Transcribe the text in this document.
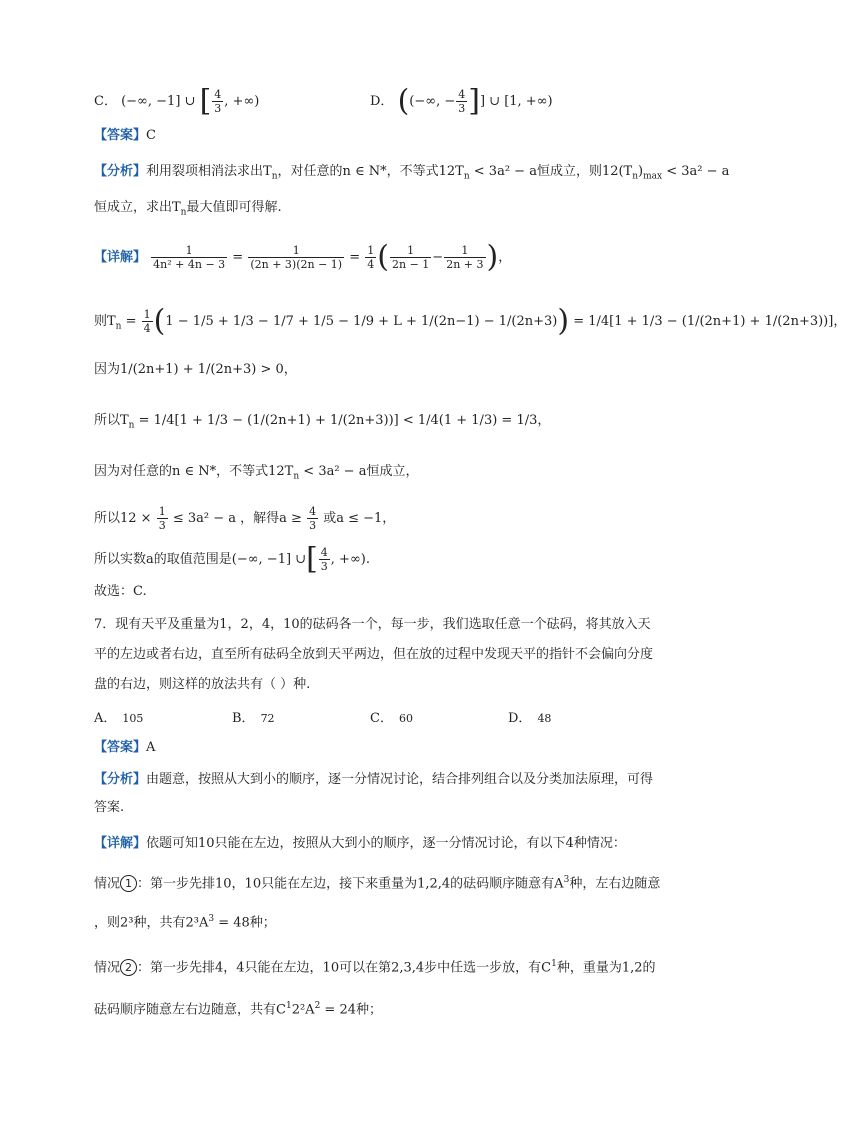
C． (−∞, −1] ∪ [ $\frac{4}{3}$ , +∞)	D． ((−∞, − $\frac{4}{3}$ ]] ∪ [1, +∞)
【答案】C
【分析】利用裂项相消法求出$T_n$，对任意的n ∈ N*，不等式$12T_n < 3a^2 - a$恒成立，则$12(T_n)_{max} < 3a^2 - a$
恒成立，求出$T_n$最大值即可得解.
【详解】 $\frac{1}{\text{4n² + 4n − 3}} = \frac{1}{(2n + 3)(2n - 1)} = \frac{1}{4}$ ( $\frac{1}{2n - 1} - \frac{1}{2n + 3}$ )，
则$T_n = \frac{1}{4} (1 - 1/5 + 1/3 - 1/7 + 1/5 - 1/9 + L + 1/(2n-1) - 1/(2n+3)) = 1/4[1 + 1/3 - (1/(2n+1) + 1/(2n+3))]$，
因为1/(2n+1) + 1/(2n+3) > 0，
所以$T_n = 1/4[1 + 1/3 - (1/(2n+1) + 1/(2n+3))] < 1/4(1 + 1/3) = 1/3$，
因为对任意的n ∈ N*，不等式$12T_n < 3a^2 - a$恒成立，
所以$12 \times \frac{1}{3} \le 3a^2 - a$ ，解得$a \ge \frac{4}{3}$ 或a ≤ −1，
所以实数a的取值范围是(−∞, −1] ∪[ $\frac{4}{3}$ , +∞).
故选：C.
7．现有天平及重量为1，2，4，10的砝码各一个，每一步，我们选取任意一个砝码，将其放入天
平的左边或者右边，直至所有砝码全放到天平两边，但在放的过程中发现天平的指针不会偏向分度
盘的右边，则这样的放法共有（ ）种.
A． 105	B． 72	C． 60	D． 48
【答案】A
【分析】由题意，按照从大到小的顺序，逐一分情况讨论，结合排列组合以及分类加法原理，可得
答案.
【详解】依题可知10只能在左边，按照从大到小的顺序，逐一分情况讨论，有以下4种情况：
情况 1 ：第一步先排10，10只能在左边，接下来重量为1,2,4的砝码顺序随意有$A^3$种，左右边随意
，则2³种，共有$2^3A^3 = 48$种；
情况 2 ：第一步先排4，4只能在左边，10可以在第2,3,4步中任选一步放，有$C^1$种，重量为1,2的
砝码顺序随意左右边随意，共有$C^12^2A^2 = 24$种；
